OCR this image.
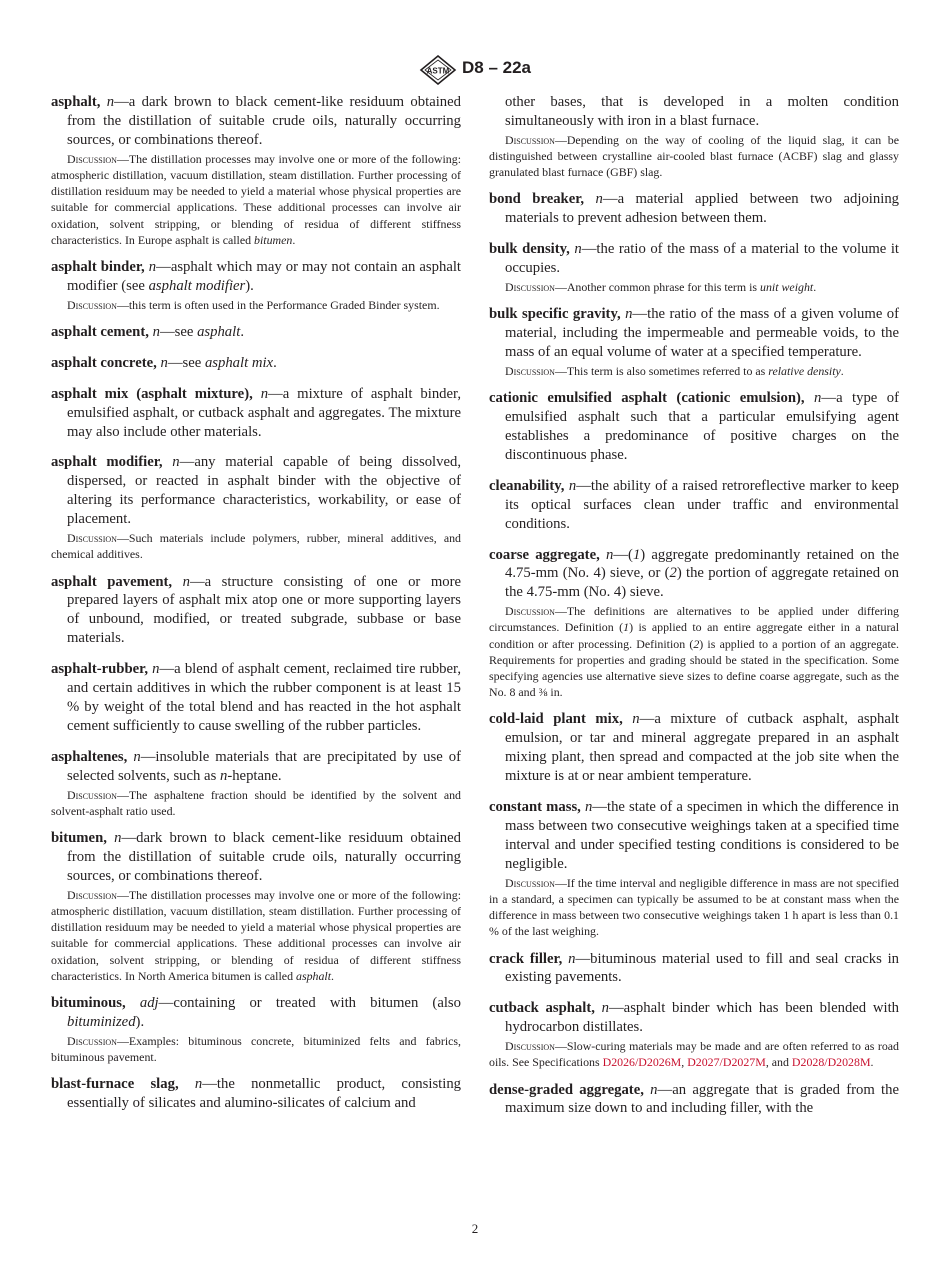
ASTM D8 – 22a

asphalt, n—a dark brown to black cement-like residuum obtained from the distillation of suitable crude oils, naturally occurring sources, or combinations thereof.

Discussion—The distillation processes may involve one or more of the following: atmospheric distillation, vacuum distillation, steam distillation. Further processing of distillation residuum may be needed to yield a material whose physical properties are suitable for commercial applications. These additional processes can involve air oxidation, solvent stripping, or blending of residua of different stiffness characteristics. In Europe asphalt is called bitumen.

asphalt binder, n—asphalt which may or may not contain an asphalt modifier (see asphalt modifier).

Discussion—this term is often used in the Performance Graded Binder system.

asphalt cement, n—see asphalt.

asphalt concrete, n—see asphalt mix.

asphalt mix (asphalt mixture), n—a mixture of asphalt binder, emulsified asphalt, or cutback asphalt and aggregates. The mixture may also include other materials.

asphalt modifier, n—any material capable of being dissolved, dispersed, or reacted in asphalt binder with the objective of altering its performance characteristics, workability, or ease of placement.

Discussion—Such materials include polymers, rubber, mineral additives, and chemical additives.

asphalt pavement, n—a structure consisting of one or more prepared layers of asphalt mix atop one or more supporting layers of unbound, modified, or treated subgrade, subbase or base materials.

asphalt-rubber, n—a blend of asphalt cement, reclaimed tire rubber, and certain additives in which the rubber component is at least 15 % by weight of the total blend and has reacted in the hot asphalt cement sufficiently to cause swelling of the rubber particles.

asphaltenes, n—insoluble materials that are precipitated by use of selected solvents, such as n-heptane.

Discussion—The asphaltene fraction should be identified by the solvent and solvent-asphalt ratio used.

bitumen, n—dark brown to black cement-like residuum obtained from the distillation of suitable crude oils, naturally occurring sources, or combinations thereof.

Discussion—The distillation processes may involve one or more of the following: atmospheric distillation, vacuum distillation, steam distillation. Further processing of distillation residuum may be needed to yield a material whose physical properties are suitable for commercial applications. These additional processes can involve air oxidation, solvent stripping, or blending of residua of different stiffness characteristics. In North America bitumen is called asphalt.

bituminous, adj—containing or treated with bitumen (also bituminized).

Discussion—Examples: bituminous concrete, bituminized felts and fabrics, bituminous pavement.

blast-furnace slag, n—the nonmetallic product, consisting essentially of silicates and alumino-silicates of calcium and

other bases, that is developed in a molten condition simultaneously with iron in a blast furnace.

Discussion—Depending on the way of cooling of the liquid slag, it can be distinguished between crystalline air-cooled blast furnace (ACBF) slag and glassy granulated blast furnace (GBF) slag.

bond breaker, n—a material applied between two adjoining materials to prevent adhesion between them.

bulk density, n—the ratio of the mass of a material to the volume it occupies.

Discussion—Another common phrase for this term is unit weight.

bulk specific gravity, n—the ratio of the mass of a given volume of material, including the impermeable and permeable voids, to the mass of an equal volume of water at a specified temperature.

Discussion—This term is also sometimes referred to as relative density.

cationic emulsified asphalt (cationic emulsion), n—a type of emulsified asphalt such that a particular emulsifying agent establishes a predominance of positive charges on the discontinuous phase.

cleanability, n—the ability of a raised retroreflective marker to keep its optical surfaces clean under traffic and environmental conditions.

coarse aggregate, n—(1) aggregate predominantly retained on the 4.75-mm (No. 4) sieve, or (2) the portion of aggregate retained on the 4.75-mm (No. 4) sieve.

Discussion—The definitions are alternatives to be applied under differing circumstances. Definition (1) is applied to an entire aggregate either in a natural condition or after processing. Definition (2) is applied to a portion of an aggregate. Requirements for properties and grading should be stated in the specification. Some specifying agencies use alternative sieve sizes to define coarse aggregate, such as the No. 8 and ⅜ in.

cold-laid plant mix, n—a mixture of cutback asphalt, asphalt emulsion, or tar and mineral aggregate prepared in an asphalt mixing plant, then spread and compacted at the job site when the mixture is at or near ambient temperature.

constant mass, n—the state of a specimen in which the difference in mass between two consecutive weighings taken at a specified time interval and under specified testing conditions is considered to be negligible.

Discussion—If the time interval and negligible difference in mass are not specified in a standard, a specimen can typically be assumed to be at constant mass when the difference in mass between two consecutive weighings taken 1 h apart is less than 0.1 % of the last weighing.

crack filler, n—bituminous material used to fill and seal cracks in existing pavements.

cutback asphalt, n—asphalt binder which has been blended with hydrocarbon distillates.

Discussion—Slow-curing materials may be made and are often referred to as road oils. See Specifications D2026/D2026M, D2027/D2027M, and D2028/D2028M.

dense-graded aggregate, n—an aggregate that is graded from the maximum size down to and including filler, with the

2
